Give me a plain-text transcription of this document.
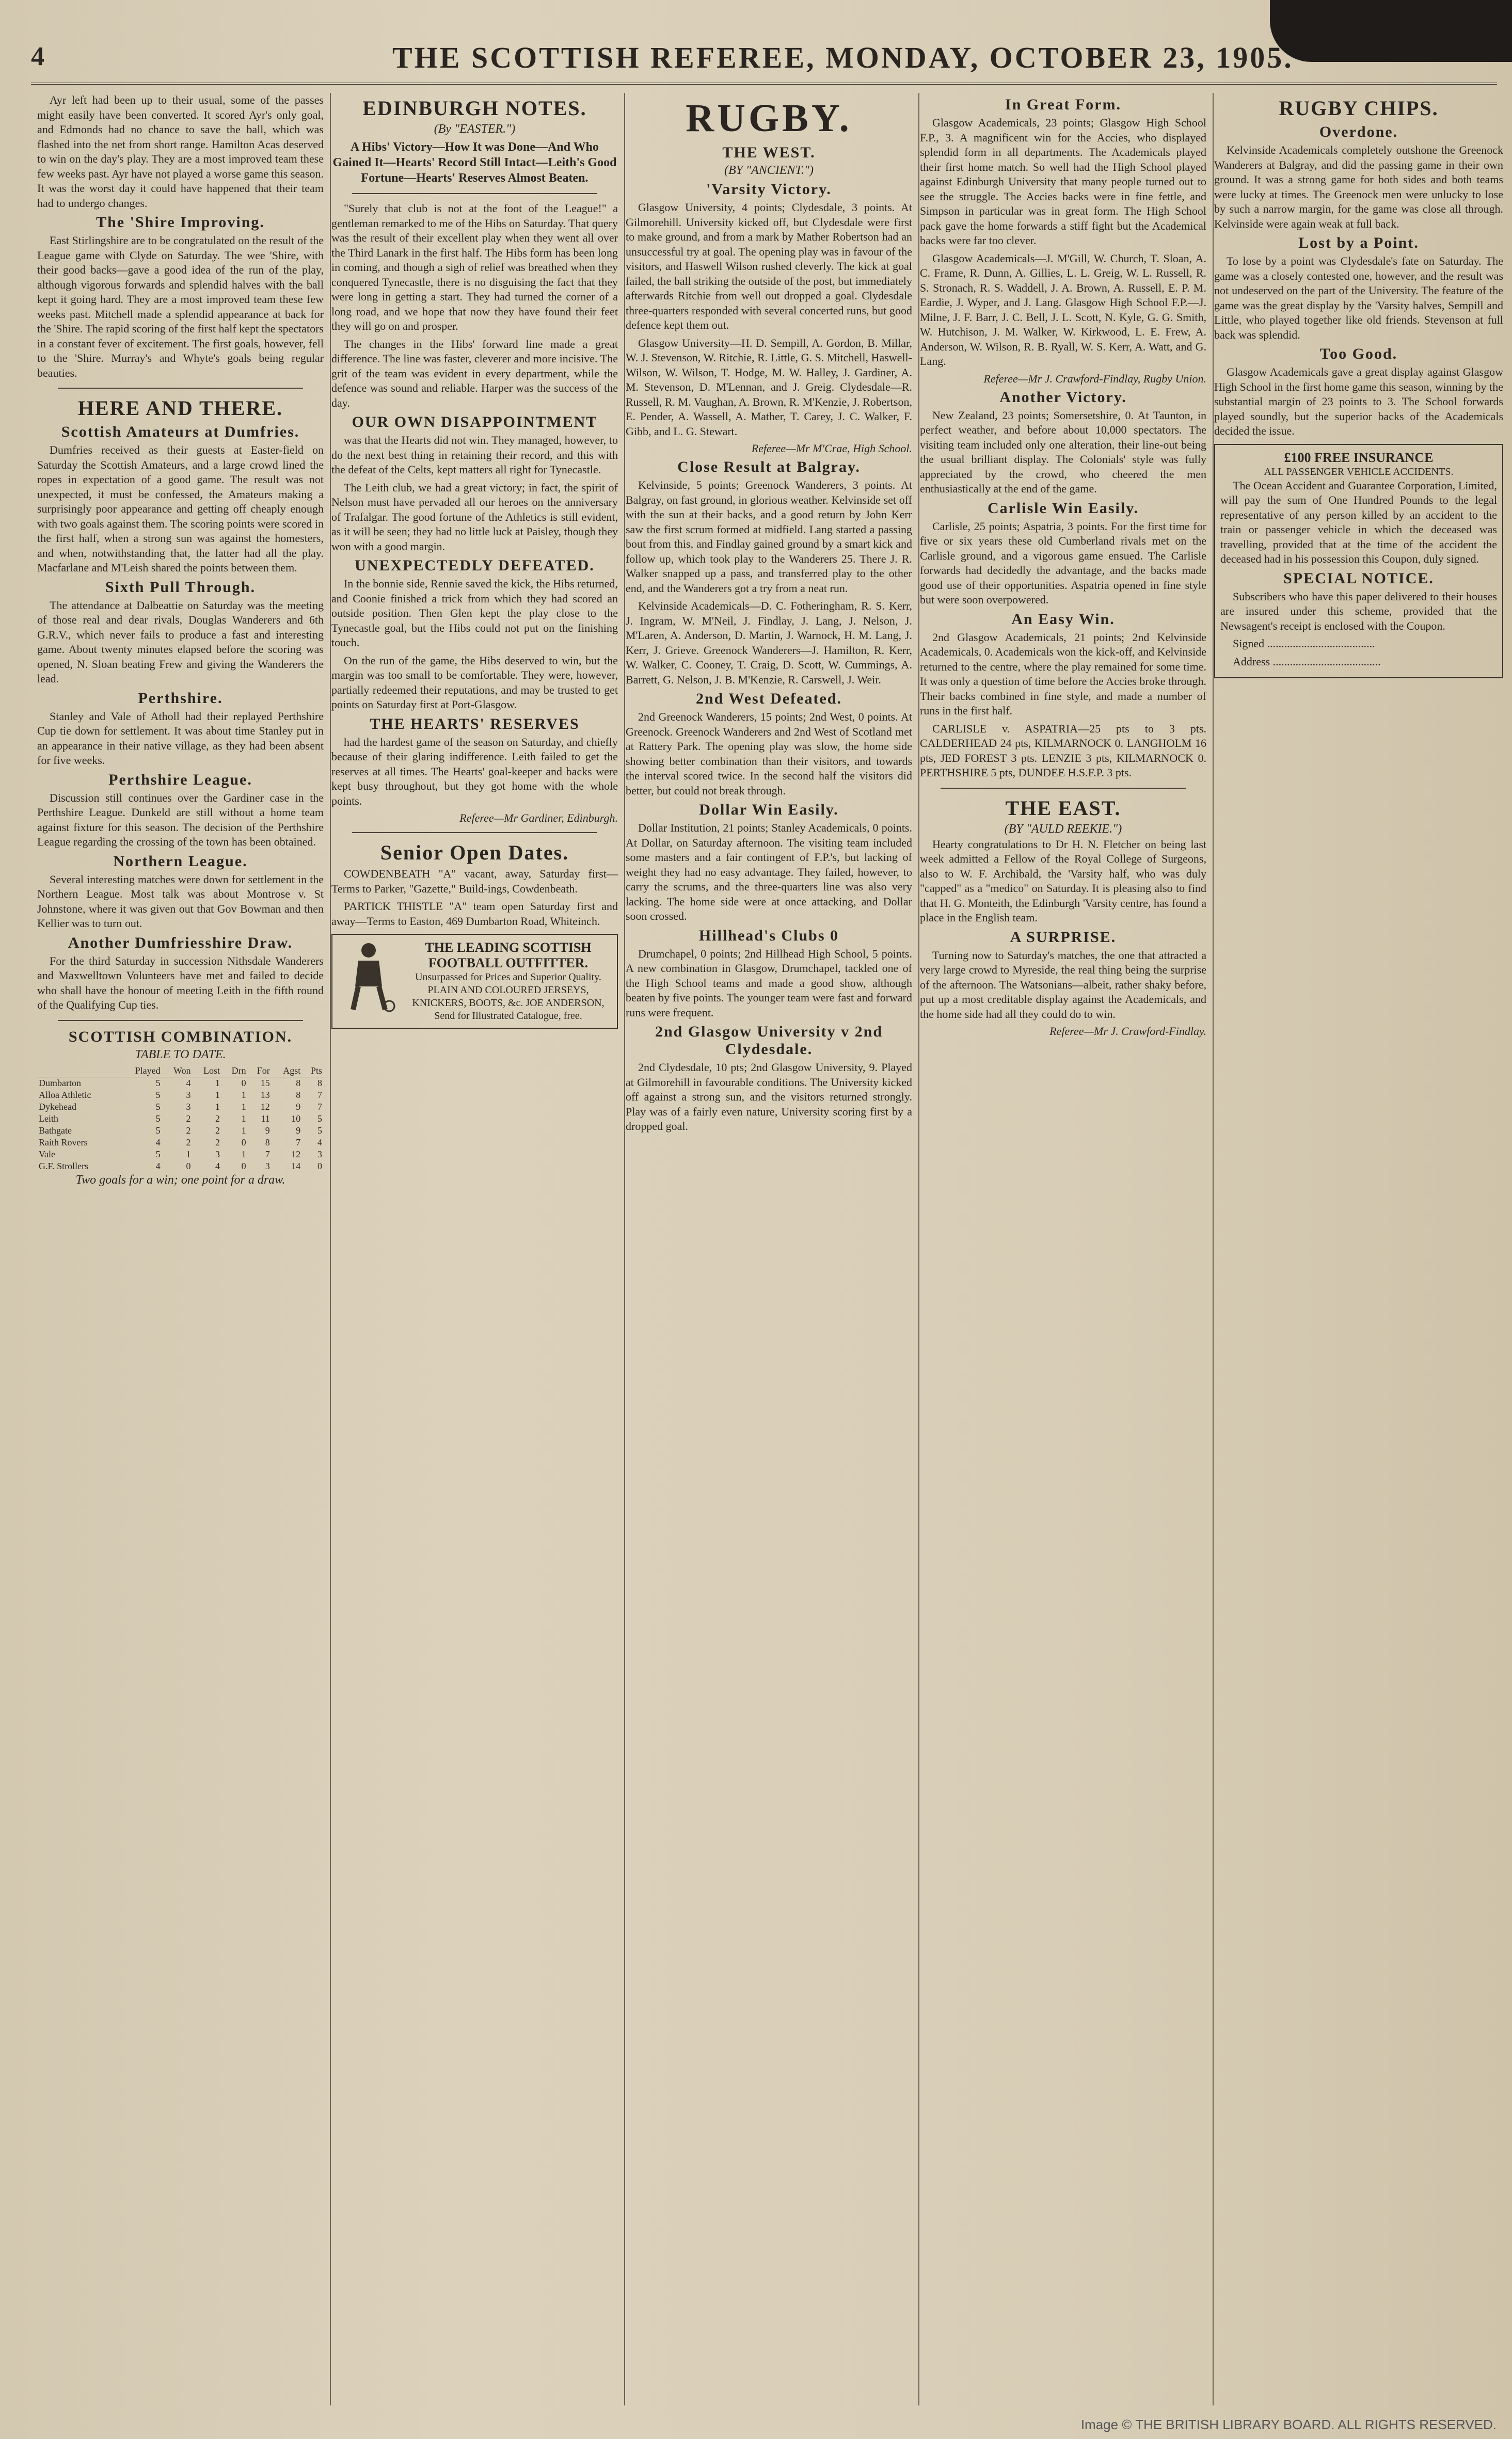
4	THE SCOTTISH REFEREE, MONDAY, OCTOBER 23, 1905.

Ayr left had been up to their usual, some of the passes might easily have been converted. It scored Ayr's only goal, and Edmonds had no chance to save the ball, which was flashed into the net from short range. Hamilton Acas deserved to win on the day's play. They are a most improved team these few weeks past. Ayr have not played a worse game this season. It was the worst day it could have happened that their team had to undergo changes.

The 'Shire Improving.

East Stirlingshire are to be congratulated on the result of the League game with Clyde on Saturday. The wee 'Shire, with their good backs—gave a good idea of the run of the play, although vigorous forwards and splendid halves with the ball kept it going hard. They are a most improved team these few weeks past. Mitchell made a splendid appearance at back for the 'Shire. The rapid scoring of the first half kept the spectators in a constant fever of excitement. The first goals, however, fell to the 'Shire. Murray's and Whyte's goals being regular beauties.

HERE AND THERE.
Scottish Amateurs at Dumfries.

Dumfries received as their guests at Easter-field on Saturday the Scottish Amateurs, and a large crowd lined the ropes in expectation of a good game. The result was not unexpected, it must be confessed, the Amateurs making a surprisingly poor appearance and getting off cheaply enough with two goals against them. The scoring points were scored in the first half, when a strong sun was against the homesters, and when, notwithstanding that, the latter had all the play. Macfarlane and M'Leish shared the points between them.

Sixth Pull Through.

The attendance at Dalbeattie on Saturday was the meeting of those real and dear rivals, Douglas Wanderers and 6th G.R.V., which never fails to produce a fast and interesting game. About twenty minutes elapsed before the scoring was opened, N. Sloan beating Frew and giving the Wanderers the lead.

Perthshire.

Stanley and Vale of Atholl had their replayed Perthshire Cup tie down for settlement. It was about time Stanley put in an appearance in their native village, as they had been absent for five weeks.

Perthshire League.

Discussion still continues over the Gardiner case in the Perthshire League. Dunkeld are still without a home team against fixture for this season. The decision of the Perthshire League regarding the crossing of the town has been obtained.

Northern League.

Several interesting matches were down for settlement in the Northern League. Most talk was about Montrose v. St Johnstone, where it was given out that Gov Bowman and then Kellier was to turn out.

Another Dumfriesshire Draw.

For the third Saturday in succession Nithsdale Wanderers and Maxwelltown Volunteers have met and failed to decide who shall have the honour of meeting Leith in the fifth round of the Qualifying Cup ties.

SCOTTISH COMBINATION.
TABLE TO DATE.
	Played	Won	Lost	Drn	For	Agst	Pts
Dumbarton	5	4	1	0	15	8	8
Alloa Athletic	5	3	1	1	13	8	7
Dykehead	5	3	1	1	12	9	7
Leith	5	2	2	1	11	10	5
Bathgate	5	2	2	1	9	9	5
Raith Rovers	4	2	2	0	8	7	4
Vale	5	1	3	1	7	12	3
G.F. Strollers	4	0	4	0	3	14	0
Two goals for a win; one point for a draw.
EDINBURGH NOTES.
(By "EASTER.")
A Hibs' Victory—How It was Done—And Who Gained It—Hearts' Record Still Intact—Leith's Good Fortune—Hearts' Reserves Almost Beaten.

"Surely that club is not at the foot of the League!" a gentleman remarked to me of the Hibs on Saturday. That query was the result of their excellent play when they went all over the Third Lanark in the first half. The Hibs form has been long in coming, and though a sigh of relief was breathed when they conquered Tynecastle, there is no disguising the fact that they were long in getting a start. They had turned the corner of a long road, and we hope that now they have found their feet they will go on and prosper.

The changes in the Hibs' forward line made a great difference. The line was faster, cleverer and more incisive. The grit of the team was evident in every department, while the defence was sound and reliable. Harper was the success of the day.

OUR OWN DISAPPOINTMENT

was that the Hearts did not win. They managed, however, to do the next best thing in retaining their record, and this with the defeat of the Celts, kept matters all right for Tynecastle.

The Leith club, we had a great victory; in fact, the spirit of Nelson must have pervaded all our heroes on the anniversary of Trafalgar. The good fortune of the Athletics is still evident, as it will be seen; they had no little luck at Paisley, though they won with a good margin.

UNEXPECTEDLY DEFEATED.

In the bonnie side, Rennie saved the kick, the Hibs returned, and Coonie finished a trick from which they had scored an outside position. Then Glen kept the play close to the Tynecastle goal, but the Hibs could not put on the finishing touch.

On the run of the game, the Hibs deserved to win, but the margin was too small to be comfortable. They were, however, partially redeemed their reputations, and may be trusted to get points on Saturday first at Port-Glasgow.

THE HEARTS' RESERVES

had the hardest game of the season on Saturday, and chiefly because of their glaring indifference. Leith failed to get the reserves at all times. The Hearts' goal-keeper and backs were kept busy throughout, but they got home with the whole points.

Referee—Mr Gardiner, Edinburgh.
Senior Open Dates.

COWDENBEATH "A" vacant, away, Saturday first—Terms to Parker, "Gazette," Build-ings, Cowdenbeath.

PARTICK THISTLE "A" team open Saturday first and away—Terms to Easton, 469 Dumbarton Road, Whiteinch.

THE LEADING SCOTTISH FOOTBALL OUTFITTER.
Unsurpassed for Prices and Superior Quality. PLAIN AND COLOURED JERSEYS, KNICKERS, BOOTS, &c. JOE ANDERSON, Send for Illustrated Catalogue, free.
RUGBY.
THE WEST.
(BY "ANCIENT.")
'Varsity Victory.

Glasgow University, 4 points; Clydesdale, 3 points. At Gilmorehill. University kicked off, but Clydesdale were first to make ground, and from a mark by Mather Robertson had an unsuccessful try at goal. The opening play was in favour of the visitors, and Haswell Wilson rushed cleverly. The kick at goal failed, the ball striking the outside of the post, but immediately afterwards Ritchie from well out dropped a goal. Clydesdale three-quarters responded with several concerted runs, but good defence kept them out.

Glasgow University—H. D. Sempill, A. Gordon, B. Millar, W. J. Stevenson, W. Ritchie, R. Little, G. S. Mitchell, Haswell-Wilson, W. Wilson, T. Hodge, M. W. Halley, J. Gardiner, A. M. Stevenson, D. M'Lennan, and J. Greig. Clydesdale—R. Russell, R. M. Vaughan, A. Brown, R. M'Kenzie, J. Robertson, E. Pender, A. Wassell, A. Mather, T. Carey, J. C. Walker, F. Gibb, and L. G. Stewart.

Referee—Mr M'Crae, High School.
Close Result at Balgray.

Kelvinside, 5 points; Greenock Wanderers, 3 points. At Balgray, on fast ground, in glorious weather. Kelvinside set off with the sun at their backs, and a good return by John Kerr saw the first scrum formed at midfield. Lang started a passing bout from this, and Findlay gained ground by a smart kick and follow up, which took play to the Wanderers 25. There J. R. Walker snapped up a pass, and transferred play to the other end, and the Wanderers got a try from a neat run.

Kelvinside Academicals—D. C. Fotheringham, R. S. Kerr, J. Ingram, W. M'Neil, J. Findlay, J. Lang, J. Nelson, J. M'Laren, A. Anderson, D. Martin, J. Warnock, H. M. Lang, J. Kerr, J. Grieve. Greenock Wanderers—J. Hamilton, R. Kerr, W. Walker, C. Cooney, T. Craig, D. Scott, W. Cummings, A. Barrett, G. Nelson, J. B. M'Kenzie, R. Carswell, J. Weir.

2nd West Defeated.

2nd Greenock Wanderers, 15 points; 2nd West, 0 points. At Greenock. Greenock Wanderers and 2nd West of Scotland met at Rattery Park. The opening play was slow, the home side showing better combination than their visitors, and towards the interval scored twice. In the second half the visitors did better, but could not break through.

Dollar Win Easily.

Dollar Institution, 21 points; Stanley Academicals, 0 points. At Dollar, on Saturday afternoon. The visiting team included some masters and a fair contingent of F.P.'s, but lacking of weight they had no easy advantage. They failed, however, to carry the scrums, and the three-quarters line was also very lacking. The home side were at once attacking, and Dollar soon crossed.

Hillhead's Clubs 0

Drumchapel, 0 points; 2nd Hillhead High School, 5 points. A new combination in Glasgow, Drumchapel, tackled one of the High School teams and made a good show, although beaten by five points. The younger team were fast and forward runs were frequent.

2nd Glasgow University v 2nd Clydesdale.

2nd Clydesdale, 10 pts; 2nd Glasgow University, 9. Played at Gilmorehill in favourable conditions. The University kicked off against a strong sun, and the visitors returned strongly. Play was of a fairly even nature, University scoring first by a dropped goal.

In Great Form.

Glasgow Academicals, 23 points; Glasgow High School F.P., 3. A magnificent win for the Accies, who displayed splendid form in all departments. The Academicals played their first home match. So well had the High School played against Edinburgh University that many people turned out to see the struggle. The Accies backs were in fine fettle, and Simpson in particular was in great form. The High School pack gave the home forwards a stiff fight but the Academical backs were far too clever.

Glasgow Academicals—J. M'Gill, W. Church, T. Sloan, A. C. Frame, R. Dunn, A. Gillies, L. L. Greig, W. L. Russell, R. S. Stronach, R. S. Waddell, J. A. Brown, A. Russell, E. P. M. Eardie, J. Wyper, and J. Lang. Glasgow High School F.P.—J. Milne, J. F. Barr, J. C. Bell, J. L. Scott, N. Kyle, G. G. Smith, W. Hutchison, J. M. Walker, W. Kirkwood, L. E. Frew, A. Anderson, W. Wilson, R. B. Ryall, W. S. Kerr, A. Watt, and G. Lang.

Referee—Mr J. Crawford-Findlay, Rugby Union.
Another Victory.

New Zealand, 23 points; Somersetshire, 0. At Taunton, in perfect weather, and before about 10,000 spectators. The visiting team included only one alteration, their line-out being the usual brilliant display. The Colonials' style was fully appreciated by the crowd, who cheered the men enthusiastically at the end of the game.

Carlisle Win Easily.

Carlisle, 25 points; Aspatria, 3 points. For the first time for five or six years these old Cumberland rivals met on the Carlisle ground, and a vigorous game ensued. The Carlisle forwards had decidedly the advantage, and the backs made good use of their opportunities. Aspatria opened in fine style but were soon overpowered.

An Easy Win.

2nd Glasgow Academicals, 21 points; 2nd Kelvinside Academicals, 0. Academicals won the kick-off, and Kelvinside returned to the centre, where the play remained for some time. It was only a question of time before the Accies broke through. Their backs combined in fine style, and made a number of runs in the first half.

CARLISLE v. ASPATRIA—25 pts to 3 pts. CALDERHEAD 24 pts, KILMARNOCK 0. LANGHOLM 16 pts, JED FOREST 3 pts. LENZIE 3 pts, KILMARNOCK 0. PERTHSHIRE 5 pts, DUNDEE H.S.F.P. 3 pts.

THE EAST.
(BY "AULD REEKIE.")

Hearty congratulations to Dr H. N. Fletcher on being last week admitted a Fellow of the Royal College of Surgeons, also to W. F. Archibald, the 'Varsity half, who was duly "capped" as a "medico" on Saturday. It is pleasing also to find that H. G. Monteith, the Edinburgh 'Varsity centre, has found a place in the English team.

A SURPRISE.

Turning now to Saturday's matches, the one that attracted a very large crowd to Myreside, the real thing being the surprise of the afternoon. The Watsonians—albeit, rather shaky before, put up a most creditable display against the Academicals, and the home side had all they could do to win.

Referee—Mr J. Crawford-Findlay.
RUGBY CHIPS.
Overdone.

Kelvinside Academicals completely outshone the Greenock Wanderers at Balgray, and did the passing game in their own ground. It was a strong game for both sides and both teams were lucky at times. The Greenock men were unlucky to lose by such a narrow margin, for the game was close all through. Kelvinside were again weak at full back.

Lost by a Point.

To lose by a point was Clydesdale's fate on Saturday. The game was a closely contested one, however, and the result was not undeserved on the part of the University. The feature of the game was the great display by the 'Varsity halves, Sempill and Little, who played together like old friends. Stevenson at full back was splendid.

Too Good.

Glasgow Academicals gave a great display against Glasgow High School in the first home game this season, winning by the substantial margin of 23 points to 3. The School forwards played soundly, but the superior backs of the Academicals decided the issue.

£100 FREE INSURANCE
ALL PASSENGER VEHICLE ACCIDENTS.

The Ocean Accident and Guarantee Corporation, Limited, will pay the sum of One Hundred Pounds to the legal representative of any person killed by an accident to the train or passenger vehicle in which the deceased was travelling, provided that at the time of the accident the deceased had in his possession this Coupon, duly signed.

SPECIAL NOTICE.

Subscribers who have this paper delivered to their houses are insured under this scheme, provided that the Newsagent's receipt is enclosed with the Coupon.

Signed ......................................
Address ......................................
Image © THE BRITISH LIBRARY BOARD. ALL RIGHTS RESERVED.
